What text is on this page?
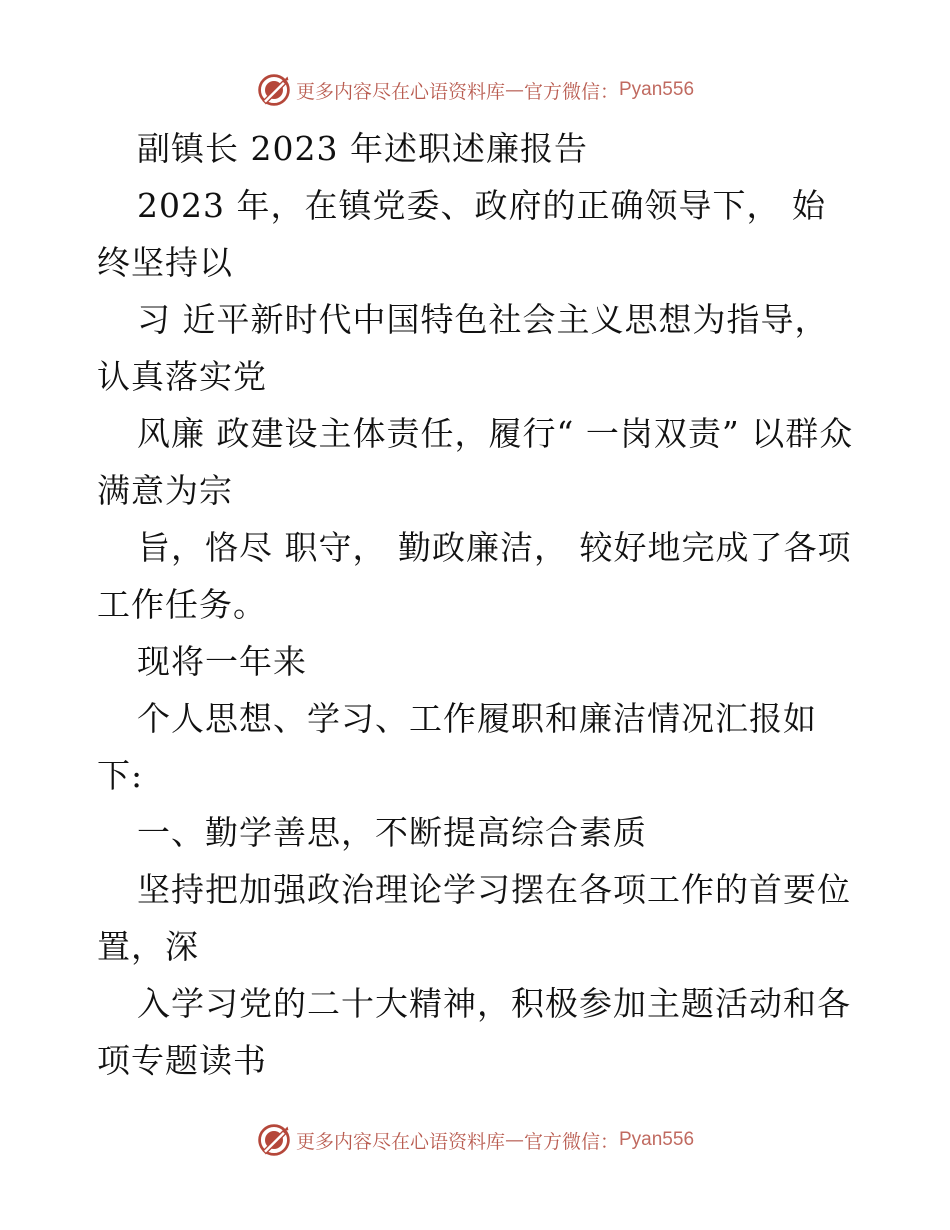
更多内容尽在心语资料库 — 官方微信： Pyan556

副镇长 2023 年述职述廉报告

2023 年，在镇党委、政府的正确领导下， 始终坚持以

习 近平新时代中国特色社会主义思想为指导，认真落实党

风廉 政建设主体责任，履行“ 一岗双责” 以群众满意为宗

旨，恪尽 职守， 勤政廉洁， 较好地完成了各项工作任务。

现将一年来

个人思想、学习、工作履职和廉洁情况汇报如下:

一、勤学善思，不断提高综合素质

坚持把加强政治理论学习摆在各项工作的首要位置，深

入学习党的二十大精神，积极参加主题活动和各项专题读书

更多内容尽在心语资料库 — 官方微信： Pyan556
